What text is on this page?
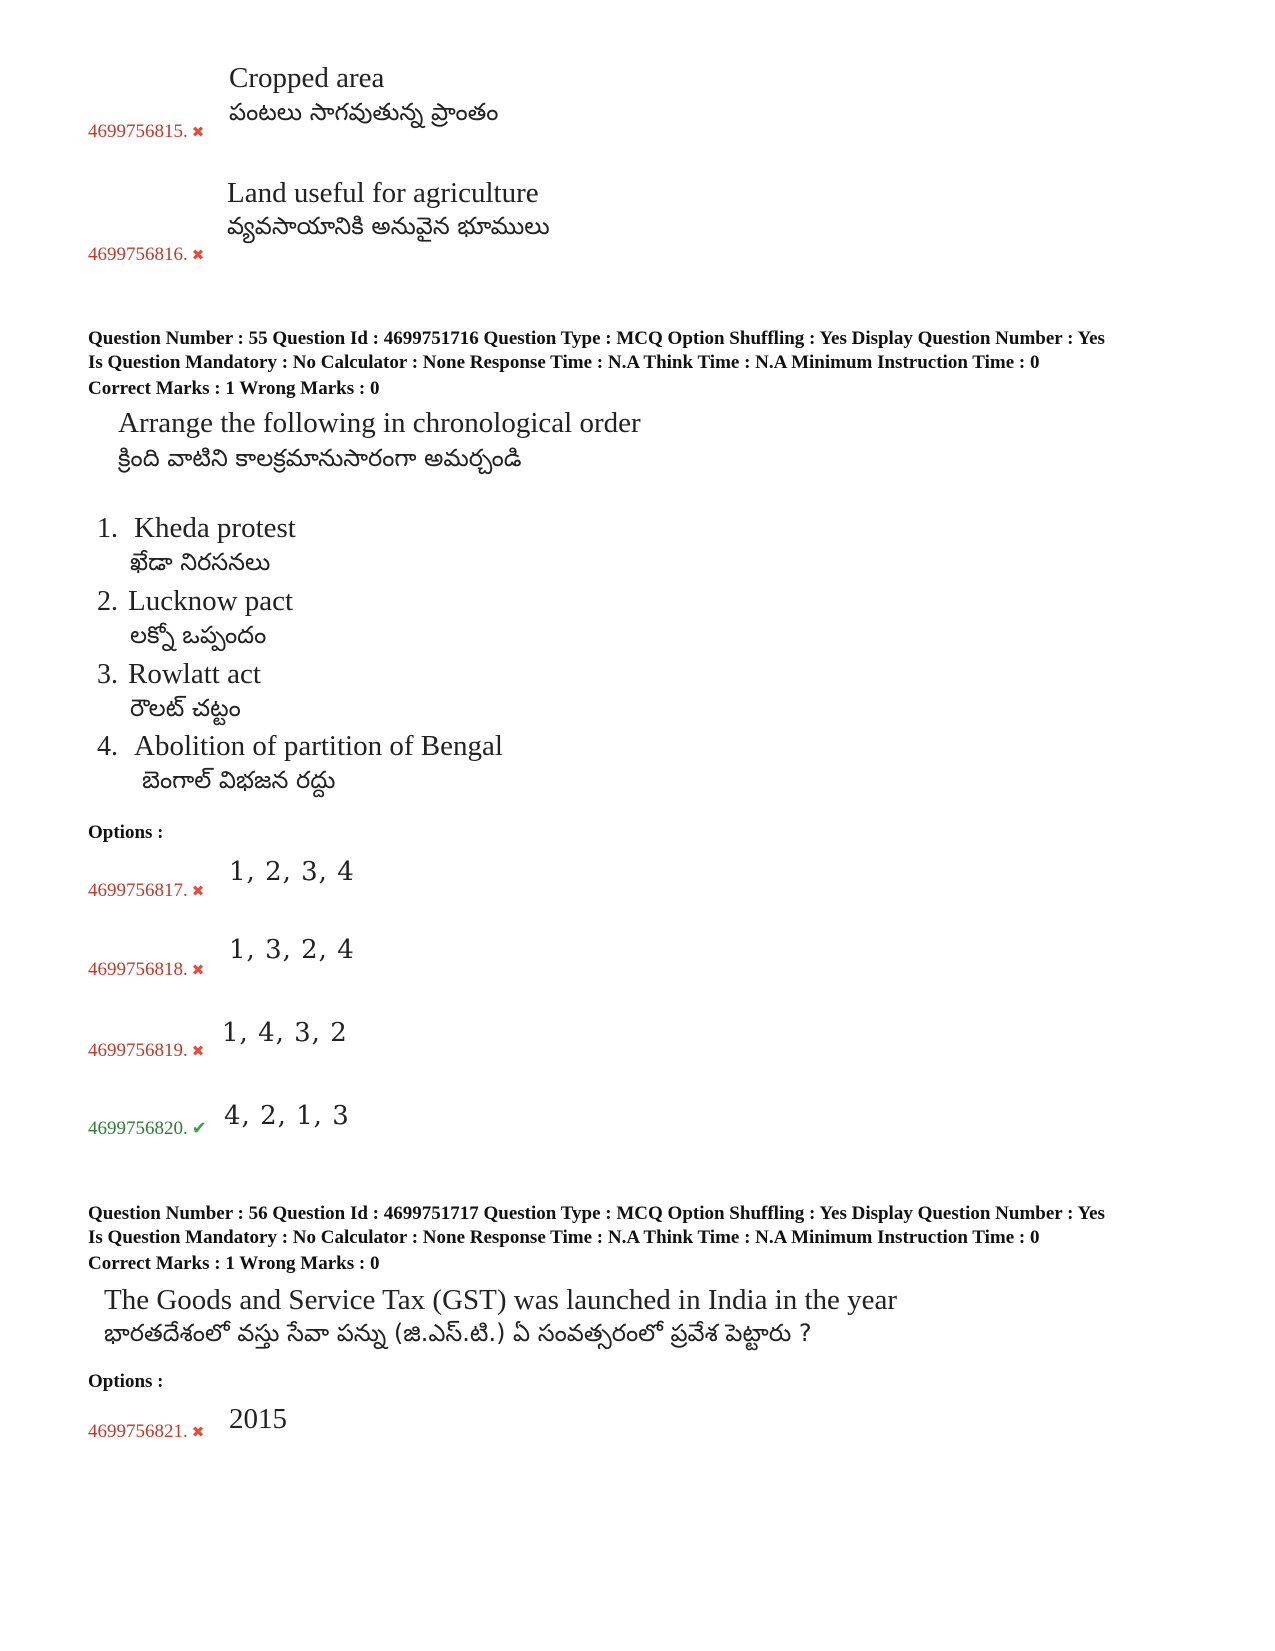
Cropped area
పంటలు సాగవుతున్న ప్రాంతం
4699756815. ✖
Land useful for agriculture
వ్యవసాయానికి అనువైన భూములు
4699756816. ✖
Question Number : 55 Question Id : 4699751716 Question Type : MCQ Option Shuffling : Yes Display Question Number : Yes
Is Question Mandatory : No Calculator : None Response Time : N.A Think Time : N.A Minimum Instruction Time : 0
Correct Marks : 1 Wrong Marks : 0
Arrange the following in chronological order
క్రింది వాటిని కాలక్రమానుసారంగా అమర్చండి
1. Kheda protest
ఖేడా నిరసనలు
2. Lucknow pact
లక్నో ఒప్పందం
3. Rowlatt act
రౌలట్ చట్టం
4. Abolition of partition of Bengal
బెంగాల్ విభజన రద్దు
Options :
1, 2, 3, 4
4699756817. ✖
1, 3, 2, 4
4699756818. ✖
1, 4, 3, 2
4699756819. ✖
4, 2, 1, 3
4699756820. ✔
Question Number : 56 Question Id : 4699751717 Question Type : MCQ Option Shuffling : Yes Display Question Number : Yes
Is Question Mandatory : No Calculator : None Response Time : N.A Think Time : N.A Minimum Instruction Time : 0
Correct Marks : 1 Wrong Marks : 0
The Goods and Service Tax (GST) was launched in India in the year
భారతదేశంలో వస్తు సేవా పన్ను (జి.ఎస్.టి.) ఏ సంవత్సరంలో ప్రవేశ పెట్టారు ?
Options :
2015
4699756821. ✖
